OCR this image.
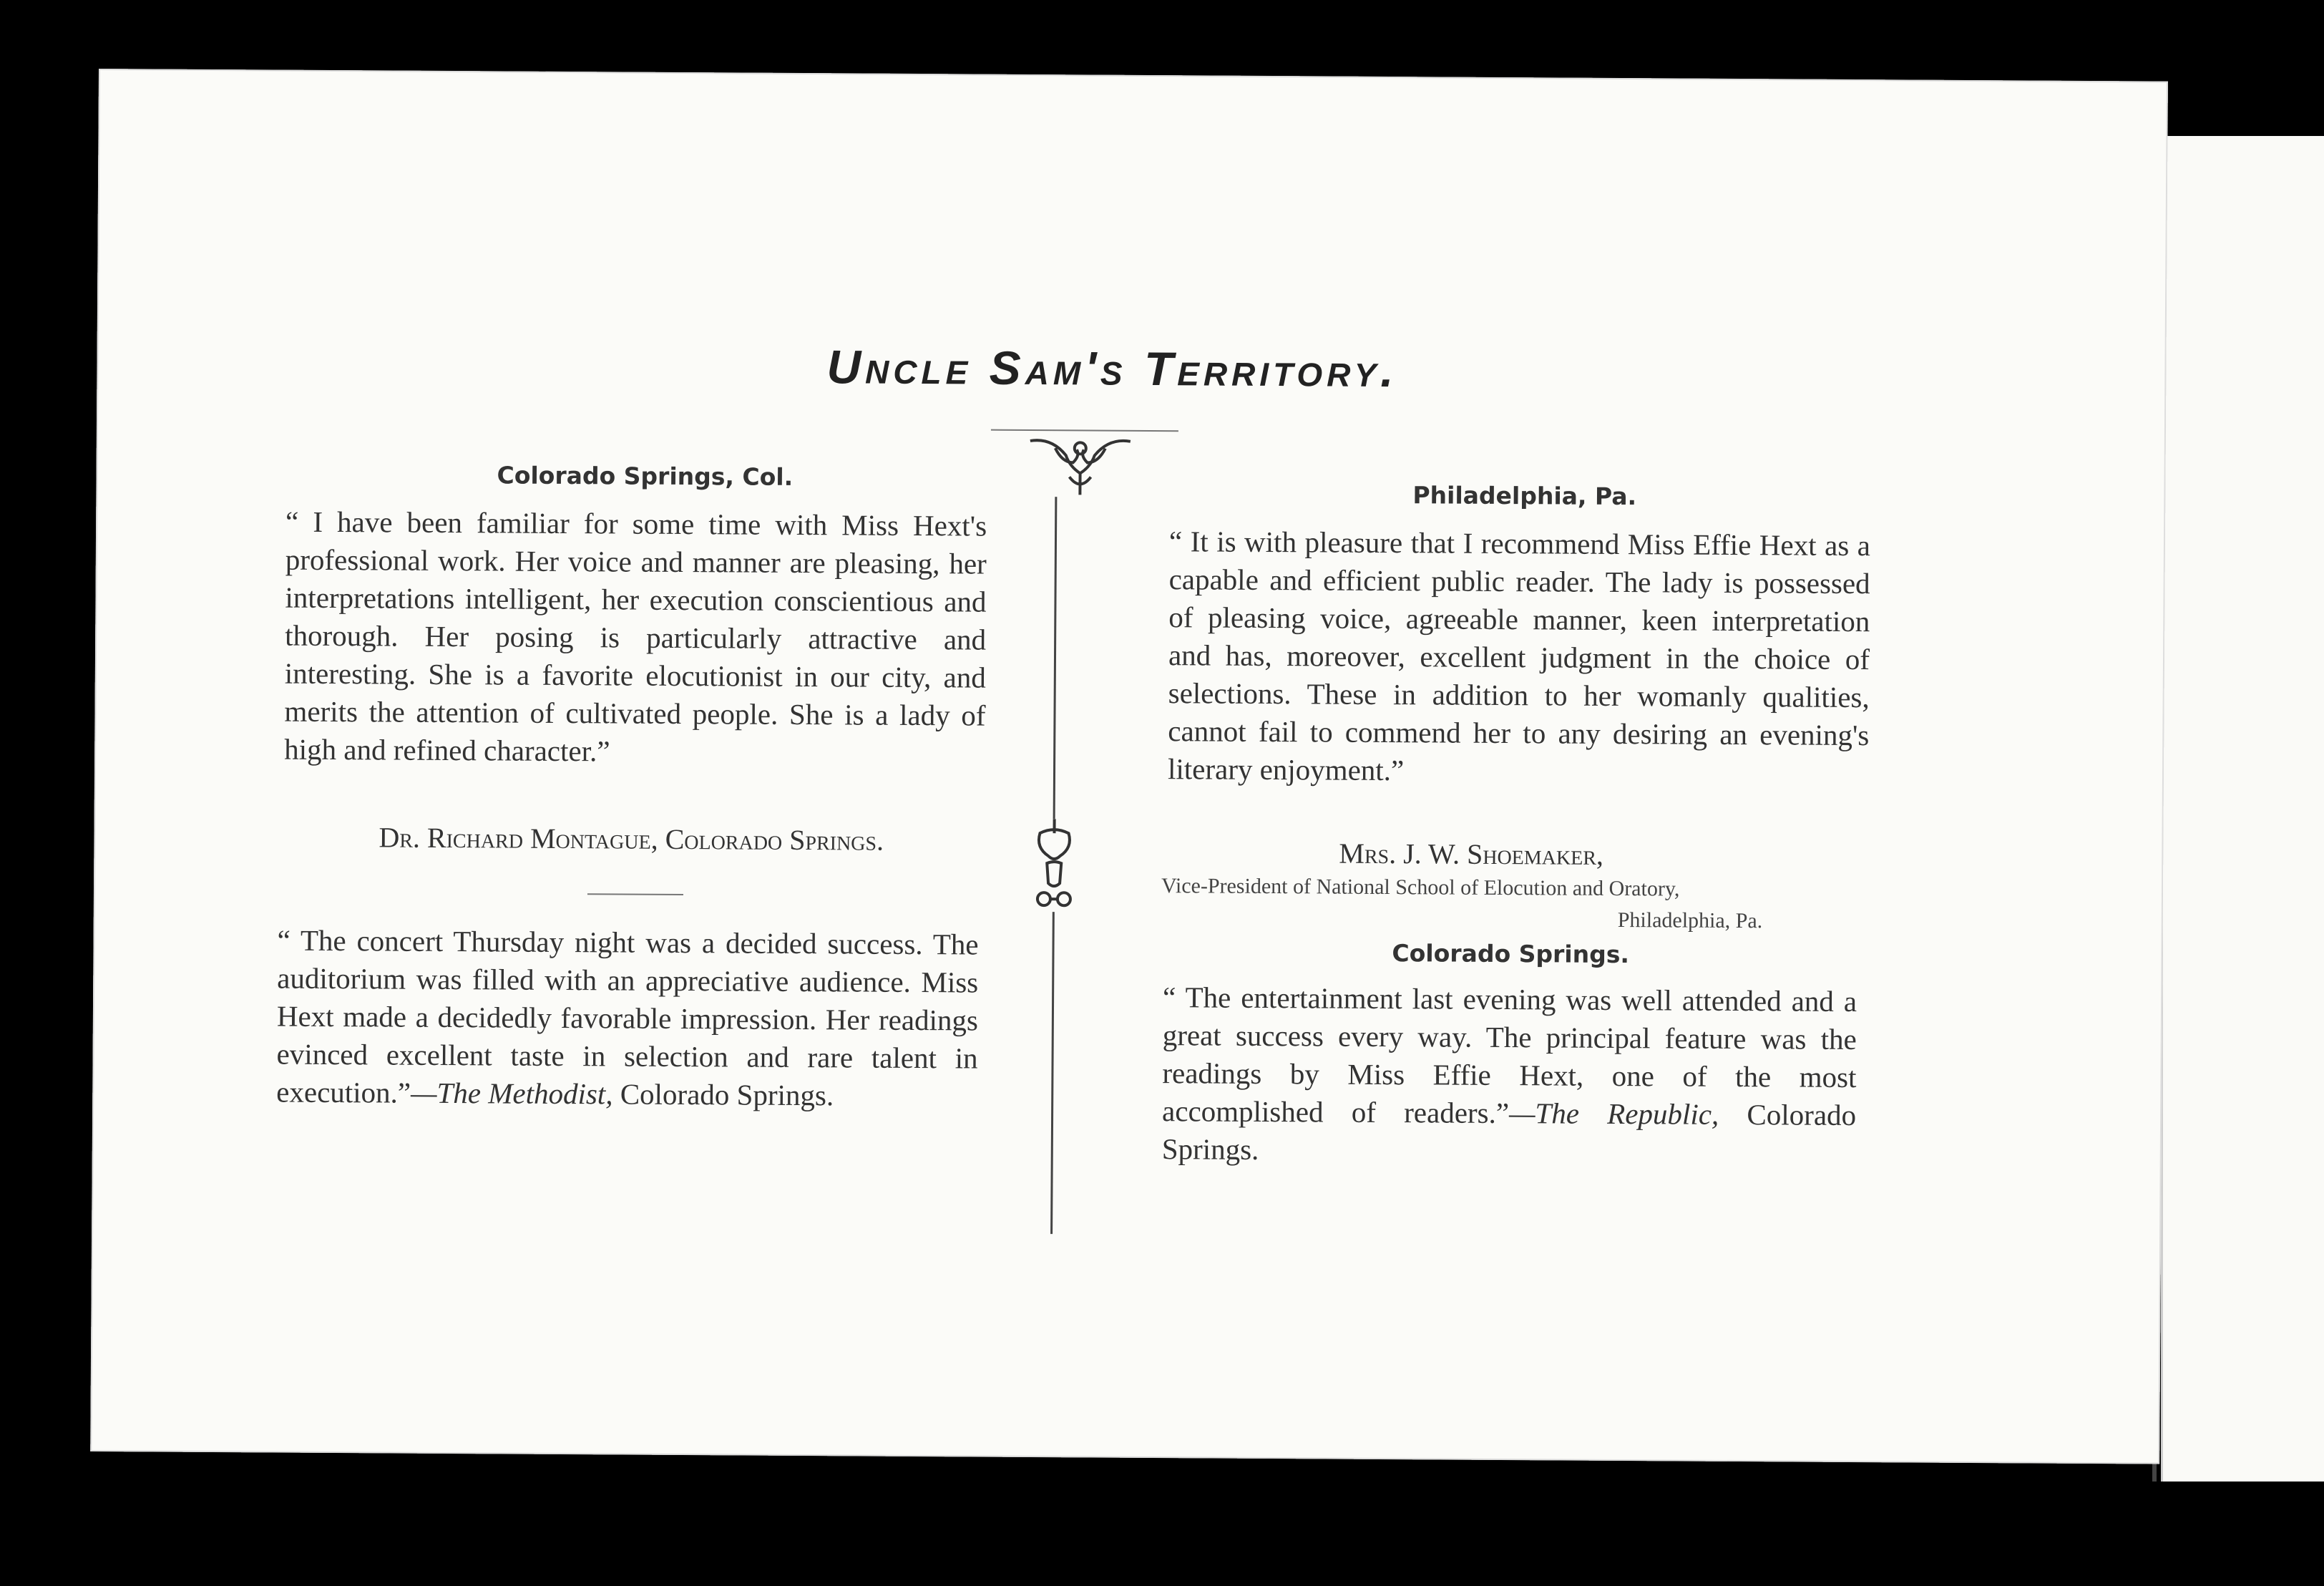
Uncle Sam's Territory.
Colorado Springs, Col.
“ I have been familiar for some time with Miss Hext's professional work. Her voice and manner are pleasing, her interpretations intelligent, her execution conscientious and thorough. Her posing is particularly attractive and interesting. She is a favorite elocutionist in our city, and merits the attention of cultivated people. She is a lady of high and refined character.”
Dr. Richard Montague, Colorado Springs.
“ The concert Thursday night was a decided success. The auditorium was filled with an appreciative audience. Miss Hext made a decidedly favorable impression. Her readings evinced excellent taste in selection and rare talent in execution.”—The Methodist, Colorado Springs.
Philadelphia, Pa.
“ It is with pleasure that I recommend Miss Effie Hext as a capable and efficient public reader. The lady is possessed of pleasing voice, agreeable manner, keen interpretation and has, moreover, excellent judgment in the choice of selections. These in addition to her womanly qualities, cannot fail to commend her to any desiring an evening's literary enjoyment.”
Mrs. J. W. Shoemaker,
Vice-President of National School of Elocution and Oratory,
Philadelphia, Pa.
Colorado Springs.
“ The entertainment last evening was well attended and a great success every way. The principal feature was the readings by Miss Effie Hext, one of the most accomplished of readers.”—The Republic, Colorado Springs.
